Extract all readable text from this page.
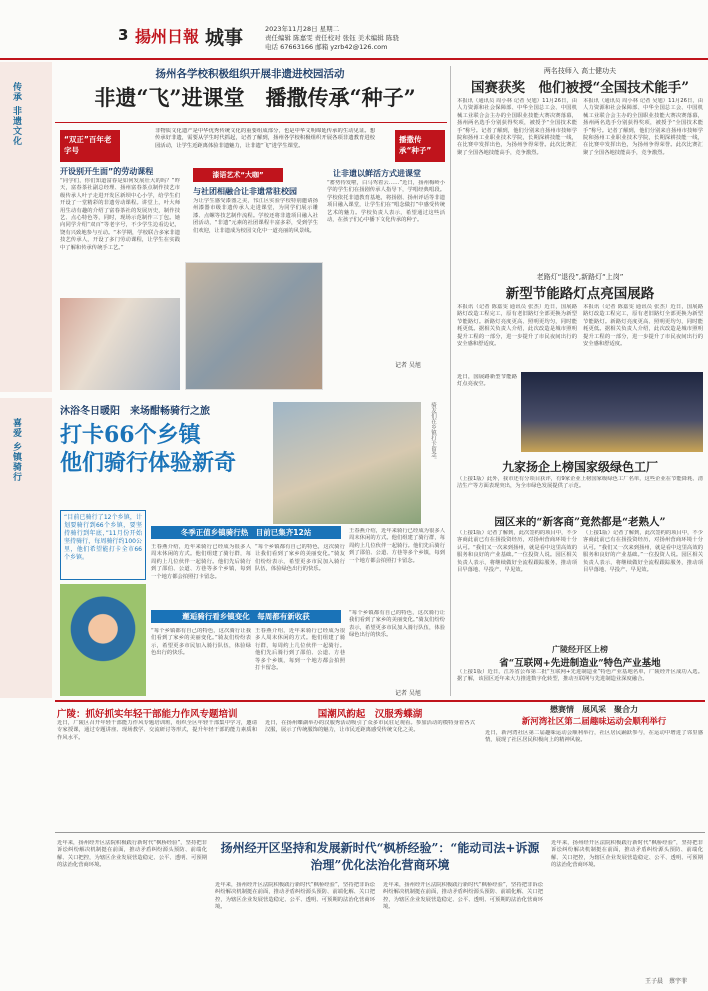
3 揚州日報 城事	2023年11月28日 星期二
责任编辑 陈嘉雯 责任校对 张钰 美术编辑 陈骁
电话 67663166 邮箱 yzrb42@126.com
传承 非遗文化
喜爱 乡镇骑行
扬州各学校积极组织开展非遗进校园活动
非遗“飞”进课堂　播撒传承“种子”
“双正”百年老字号
非物质文化遗产是中华优秀传统文化的重要组成部分，也是中华文明绵延传承的生动见证。想传承好非遗，需要从学生时代抓起，记者了解到，扬州各学校积极组织开展各项非遗教育进校园活动，让学生近距离体验非遗魅力，让非遗“飞”进学生课堂。
播撒传承“种子”
开设别开生面”的劳动课程
“同学们，你们知道富春是如何发展壮大的吗？”昨天，富春茶社副总经理、扬州富春茶点制作技艺市级传承人叶子走进开发区新坝中心小学，给学生们开设了一堂精彩的非遗劳动课程。讲堂上，叶大师用生动有趣的介绍了富春茶社的发展历史，制作技艺、点心特色等，同时，现场示范制作三丁包。她向同学介绍“双百”等老字号，不少学生边看边记，饶有兴致地参与互动。“本学期，学校联合多家非遗技艺传承人，开设了多门劳动课程，让学生在实践中了解和传承传统手工艺。”
漆语艺术“大咖”
与社团相融合让非遗常驻校园
为让学生感受漆器之美，邗江区实验学校特别邀请扬州漆器市级非遗传承人走进课堂，为同学们展示雕漆、点螺等技艺制作流程。学校还将非遗项目融入社团活动，“非遗”元素的社团课程丰富多彩，受到学生们欢迎，让非遗成为校园文化中一道亮丽的风景线。
让非遗以鲜活方式进课堂
“蓄势待发啦，白马驾着云……”近日，扬州梅岭小学的学生们在扬剧传承人指导下，学唱经典唱段。学校依托非遗教育基地，将扬剧、扬州评话等非遗项目融入课堂，让学生们在“唱念做打”中感受传统艺术的魅力。学校负责人表示，希望通过这些活动，在孩子们心中播下文化传承的种子。
记者 吴旭
两名技师入 高士健功夫
国赛获奖　他们被授“全国技术能手”
本报讯（通讯员 周小林 记者 吴旭）11月26日，由人力资源和社会保障部、中华全国总工会、中国机械工业联合会主办的全国职业技能大赛决赛落幕，扬州两名选手分别获得奖项，被授予“全国技术能手”称号。记者了解到，他们分别来自扬州市技师学院和扬州工业职业技术学院，长期深耕技能一线，在比赛中发挥出色，为扬州争得荣誉。此次比赛汇聚了全国各地技能高手，竞争激烈。
本报讯（通讯员 周小林 记者 吴旭）11月26日，由人力资源和社会保障部、中华全国总工会、中国机械工业联合会主办的全国职业技能大赛决赛落幕，扬州两名选手分别获得奖项，被授予“全国技术能手”称号。记者了解到，他们分别来自扬州市技师学院和扬州工业职业技术学院，长期深耕技能一线，在比赛中发挥出色，为扬州争得荣誉。此次比赛汇聚了全国各地技能高手，竞争激烈。
老路灯“退役”,新路灯“上岗”
新型节能路灯点亮国展路
本报讯（记者 陈嘉雯 通讯员 张杰）近日，国展路路灯改造工程完工，原有老旧路灯全部更换为新型节能路灯。新路灯亮度更高、照明更均匀，同时能耗更低。据相关负责人介绍，此次改造是城市照明提升工程的一部分，进一步提升了市民夜间出行的安全感和舒适度。
本报讯（记者 陈嘉雯 通讯员 张杰）近日，国展路路灯改造工程完工，原有老旧路灯全部更换为新型节能路灯。新路灯亮度更高、照明更均匀，同时能耗更低。据相关负责人介绍，此次改造是城市照明提升工程的一部分，进一步提升了市民夜间出行的安全感和舒适度。
近日，国展路新型节能路灯点亮夜空。
九家扬企上榜国家级绿色工厂
（上接1版）此外，我市还有分项目获评，有9家企业上榜国家级绿色工厂名单，这些企业在节能降耗、清洁生产等方面表现突出，为全市绿色发展提供了示范。
园区来的“新客商”竟然都是“老熟人”
（上接1版）记者了解到，此次签约的项目中，不少客商此前已有在扬投资经历，对扬州营商环境十分认可。“我们又一次来到扬州，就是看中这里高效的服务和良好的产业基础。”一位投资人说。园区相关负责人表示，将继续做好全流程跟踪服务，推动项目早落地、早投产、早见效。
（上接1版）记者了解到，此次签约的项目中，不少客商此前已有在扬投资经历，对扬州营商环境十分认可。“我们又一次来到扬州，就是看中这里高效的服务和良好的产业基础。”一位投资人说。园区相关负责人表示，将继续做好全流程跟踪服务，推动项目早落地、早投产、早见效。
广陵经开区上榜
省“互联网+先进制造业”特色产业基地
（上接1版）近日，江苏省公布第二批“互联网+先进制造业”特色产业基地名单，广陵经开区成功入选。据了解，该园区近年来大力推进数字化转型，推动互联网与先进制造业深度融合。
沐浴冬日暖阳　来场酣畅骑行之旅
打卡66个乡镇
他们骑行体验新奇
骑友们在乡镇打卡留念。
“目前已骑行了12个乡镇，计划要骑行到66个乡镇，要坚持骑行到年底，”11月份开始坚持骑行，每周骑行约100公里，他们希望能打卡全市66个乡镇。
冬季正值乡镇骑行热　目前已集齐12站
王春燕介绍，近年来骑行已经成为很多人周末休闲的方式。他们组建了骑行群，每周约上几位伙伴一起骑行。他们先后骑行到了邵伯、公道、方巷等多个乡镇，每到一个地方都会拍照打卡留念。
“每个乡镇都有自己的特色，这次骑行让我们看到了家乡的美丽变化。”骑友们纷纷表示，希望更多市民加入骑行队伍，体验绿色出行的快乐。
王春燕介绍，近年来骑行已经成为很多人周末休闲的方式。他们组建了骑行群，每周约上几位伙伴一起骑行。他们先后骑行到了邵伯、公道、方巷等多个乡镇，每到一个地方都会拍照打卡留念。
邂逅骑行看乡镇变化　每周都有新收获
“每个乡镇都有自己的特色，这次骑行让我们看到了家乡的美丽变化。”骑友们纷纷表示，希望更多市民加入骑行队伍，体验绿色出行的快乐。
王春燕介绍，近年来骑行已经成为很多人周末休闲的方式。他们组建了骑行群，每周约上几位伙伴一起骑行。他们先后骑行到了邵伯、公道、方巷等多个乡镇，每到一个地方都会拍照打卡留念。
“每个乡镇都有自己的特色，这次骑行让我们看到了家乡的美丽变化。”骑友们纷纷表示，希望更多市民加入骑行队伍，体验绿色出行的快乐。
记者 吴旭
广陵：抓好抓实年轻干部能力作风专题培训
近日，广陵区召开年轻干部能力作风专题培训班，组织全区年轻干部集中学习，邀请专家授课，通过专题讲座、现场教学、交流研讨等形式，提升年轻干部的能力素质和作风水平。
国潮风韵起　汉服秀蝶湖
近日，在扬州蝶湖举办的汉服秀活动吸引了众多市民驻足观看。参加活动的模特身着各式汉服，展示了传统服饰的魅力，让市民近距离感受传统文化之美。
懋赛情　展风采　聚合力
新河湾社区第二届趣味运动会顺利举行
近日，新河湾社区第二届趣味运动会顺利举行，社区居民踊跃参与，在运动中增进了邻里感情，展现了社区居民积极向上的精神风貌。
近年来，扬州经开区法院积极践行新时代“枫桥经验”，坚持把非诉讼纠纷解决机制挺在前面，推动矛盾纠纷源头预防、前端化解、关口把控，为辖区企业发展营造稳定、公平、透明、可预期的法治化营商环境。
扬州经开区坚持和发展新时代“枫桥经验”：“能动司法+诉源治理”优化法治化营商环境
近年来，扬州经开区法院积极践行新时代“枫桥经验”，坚持把非诉讼纠纷解决机制挺在前面，推动矛盾纠纷源头预防、前端化解、关口把控，为辖区企业发展营造稳定、公平、透明、可预期的法治化营商环境。
近年来，扬州经开区法院积极践行新时代“枫桥经验”，坚持把非诉讼纠纷解决机制挺在前面，推动矛盾纠纷源头预防、前端化解、关口把控，为辖区企业发展营造稳定、公平、透明、可预期的法治化营商环境。
近年来，扬州经开区法院积极践行新时代“枫桥经验”，坚持把非诉讼纠纷解决机制挺在前面，推动矛盾纠纷源头预防、前端化解、关口把控，为辖区企业发展营造稳定、公平、透明、可预期的法治化营商环境。
王子晨　蔡宇菲
